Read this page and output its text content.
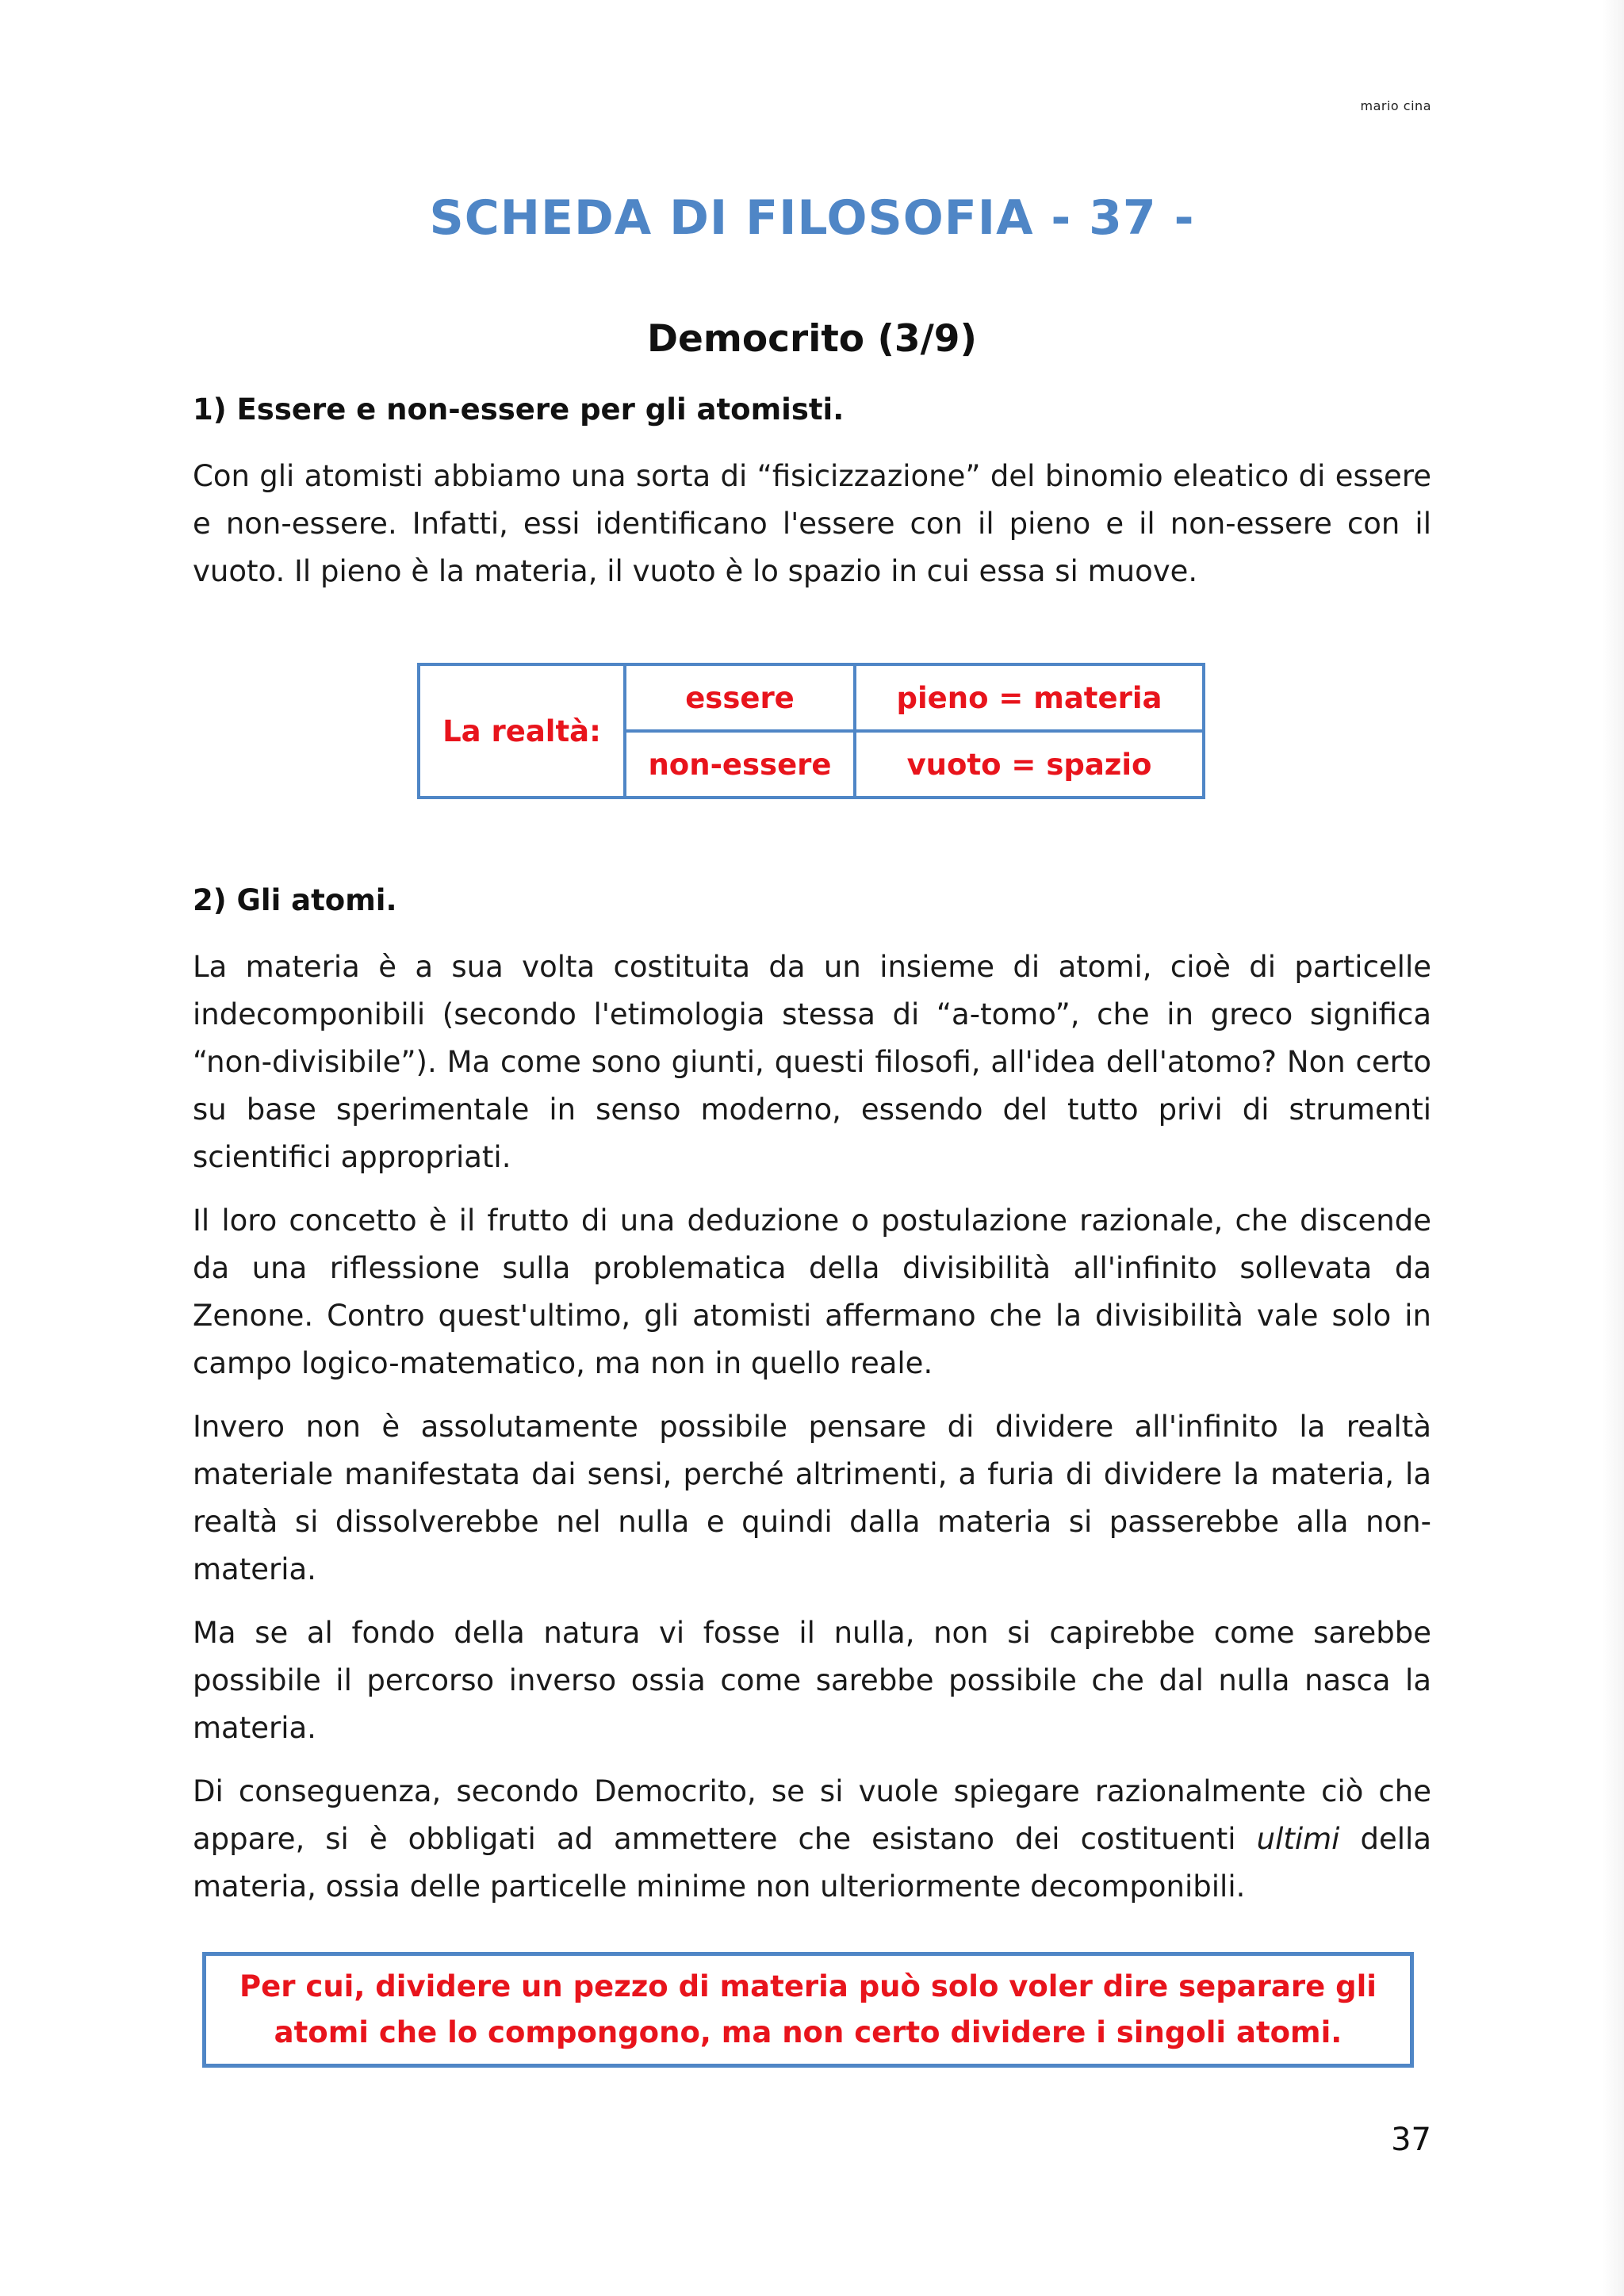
mario cina
SCHEDA DI FILOSOFIA - 37 -
Democrito (3/9)
1) Essere e non-essere per gli atomisti.

Con gli atomisti abbiamo una sorta di “fisicizzazione” del binomio eleatico di essere e non-essere. Infatti, essi identificano l'essere con il pieno e il non-essere con il vuoto. Il pieno è la materia, il vuoto è lo spazio in cui essa si muove.

La realtà:	essere	pieno = materia
	non-essere	vuoto = spazio
2) Gli atomi.

La materia è a sua volta costituita da un insieme di atomi, cioè di particelle indecomponibili (secondo l'etimologia stessa di “a-tomo”, che in greco significa “non-divisibile”). Ma come sono giunti, questi filosofi, all'idea dell'atomo? Non certo su base sperimentale in senso moderno, essendo del tutto privi di strumenti scientifici appropriati.

Il loro concetto è il frutto di una deduzione o postulazione razionale, che discende da una riflessione sulla problematica della divisibilità all'infinito sollevata da Zenone. Contro quest'ultimo, gli atomisti affermano che la divisibilità vale solo in campo logico-matematico, ma non in quello reale.

Invero non è assolutamente possibile pensare di dividere all'infinito la realtà materiale manifestata dai sensi, perché altrimenti, a furia di dividere la materia, la realtà si dissolverebbe nel nulla e quindi dalla materia si passerebbe alla non-materia.

Ma se al fondo della natura vi fosse il nulla, non si capirebbe come sarebbe possibile il percorso inverso ossia come sarebbe possibile che dal nulla nasca la materia.

Di conseguenza, secondo Democrito, se si vuole spiegare razionalmente ciò che appare, si è obbligati ad ammettere che esistano dei costituenti ultimi della materia, ossia delle particelle minime non ulteriormente decomponibili.

Per cui, dividere un pezzo di materia può solo voler dire separare gli
atomi che lo compongono, ma non certo dividere i singoli atomi.

37
